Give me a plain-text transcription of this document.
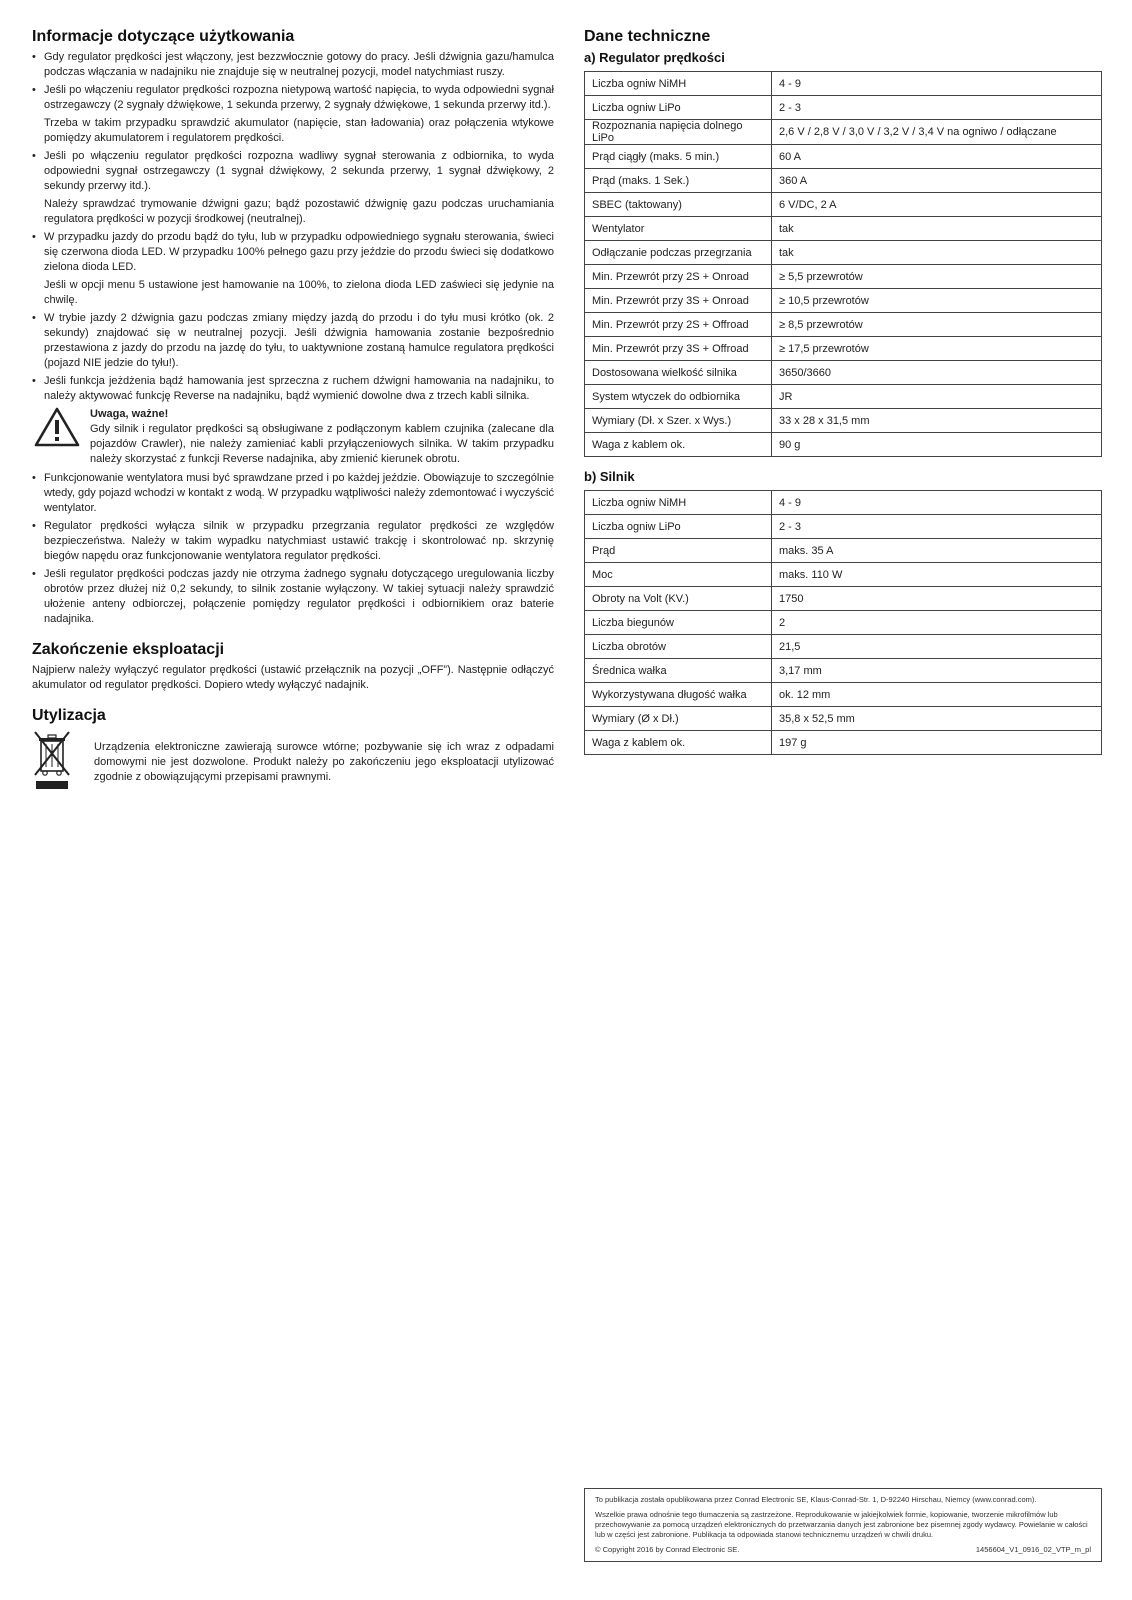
Informacje dotyczące użytkowania

• Gdy regulator prędkości jest włączony, jest bezzwłocznie gotowy do pracy. Jeśli dźwignia gazu/hamulca podczas włączania w nadajniku nie znajduje się w neutralnej pozycji, model natychmiast ruszy.

• Jeśli po włączeniu regulator prędkości rozpozna nietypową wartość napięcia, to wyda odpowiedni sygnał ostrzegawczy (2 sygnały dźwiękowe, 1 sekunda przerwy, 2 sygnały dźwiękowe, 1 sekunda przerwy itd.).

Trzeba w takim przypadku sprawdzić akumulator (napięcie, stan ładowania) oraz połączenia wtykowe pomiędzy akumulatorem i regulatorem prędkości.

• Jeśli po włączeniu regulator prędkości rozpozna wadliwy sygnał sterowania z odbiornika, to wyda odpowiedni sygnał ostrzegawczy (1 sygnał dźwiękowy, 2 sekunda przerwy, 1 sygnał dźwiękowy, 2 sekundy przerwy itd.).

Należy sprawdzać trymowanie dźwigni gazu; bądź pozostawić dźwignię gazu podczas uruchamiania regulatora prędkości w pozycji środkowej (neutralnej).

• W przypadku jazdy do przodu bądź do tyłu, lub w przypadku odpowiedniego sygnału sterowania, świeci się czerwona dioda LED. W przypadku 100% pełnego gazu przy jeździe do przodu świeci się dodatkowo zielona dioda LED.

Jeśli w opcji menu 5 ustawione jest hamowanie na 100%, to zielona dioda LED zaświeci się jedynie na chwilę.

• W trybie jazdy 2 dźwignia gazu podczas zmiany między jazdą do przodu i do tyłu musi krótko (ok. 2 sekundy) znajdować się w neutralnej pozycji. Jeśli dźwignia hamowania zostanie bezpośrednio przestawiona z jazdy do przodu na jazdę do tyłu, to uaktywnione zostaną hamulce regulatora prędkości (pojazd NIE jedzie do tyłu!).

• Jeśli funkcja jeżdżenia bądź hamowania jest sprzeczna z ruchem dźwigni hamowania na nadajniku, to należy aktywować funkcję Reverse na nadajniku, bądź wymienić dowolne dwa z trzech kabli silnika.

Uwaga, ważne!
Gdy silnik i regulator prędkości są obsługiwane z podłączonym kablem czujnika (zalecane dla pojazdów Crawler), nie należy zamieniać kabli przyłączeniowych silnika. W takim przypadku należy skorzystać z funkcji Reverse nadajnika, aby zmienić kierunek obrotu.

• Funkcjonowanie wentylatora musi być sprawdzane przed i po każdej jeździe. Obowiązuje to szczególnie wtedy, gdy pojazd wchodzi w kontakt z wodą. W przypadku wątpliwości należy zdemontować i wyczyścić wentylator.

• Regulator prędkości wyłącza silnik w przypadku przegrzania regulator prędkości ze względów bezpieczeństwa. Należy w takim wypadku natychmiast ustawić trakcję i skontrolować np. skrzynię biegów napędu oraz funkcjonowanie wentylatora regulator prędkości.

• Jeśli regulator prędkości podczas jazdy nie otrzyma żadnego sygnału dotyczącego uregulowania liczby obrotów przez dłużej niż 0,2 sekundy, to silnik zostanie wyłączony. W takiej sytuacji należy sprawdzić ułożenie anteny odbiorczej, połączenie pomiędzy regulator prędkości i odbiornikiem oraz baterie nadajnika.

Zakończenie eksploatacji

Najpierw należy wyłączyć regulator prędkości (ustawić przełącznik na pozycji „OFF”). Następnie odłączyć akumulator od regulator prędkości. Dopiero wtedy wyłączyć nadajnik.

Utylizacja

Urządzenia elektroniczne zawierają surowce wtórne; pozbywanie się ich wraz z odpadami domowymi nie jest dozwolone. Produkt należy po zakończeniu jego eksploatacji utylizować zgodnie z obowiązującymi przepisami prawnymi.

Dane techniczne
a) Regulator prędkości
Liczba ogniw NiMH	4 - 9
Liczba ogniw LiPo	2 - 3
Rozpoznania napięcia dolnego LiPo	2,6 V / 2,8 V / 3,0 V / 3,2 V / 3,4 V na ogniwo / odłączane
Prąd ciągły (maks. 5 min.)	60 A
Prąd (maks. 1 Sek.)	360 A
SBEC (taktowany)	6 V/DC, 2 A
Wentylator	tak
Odłączanie podczas przegrzania	tak
Min. Przewrót przy 2S + Onroad	≥ 5,5 przewrotów
Min. Przewrót przy 3S + Onroad	≥ 10,5 przewrotów
Min. Przewrót przy 2S + Offroad	≥ 8,5 przewrotów
Min. Przewrót przy 3S + Offroad	≥ 17,5 przewrotów
Dostosowana wielkość silnika	3650/3660
System wtyczek do odbiornika	JR
Wymiary (Dł. x Szer. x Wys.)	33 x 28 x 31,5 mm
Waga z kablem ok.	90 g
b) Silnik
Liczba ogniw NiMH	4 - 9
Liczba ogniw LiPo	2 - 3
Prąd	maks. 35 A
Moc	maks. 110 W
Obroty na Volt (KV.)	1750
Liczba biegunów	2
Liczba obrotów	21,5
Średnica wałka	3,17 mm
Wykorzystywana długość wałka	ok. 12 mm
Wymiary (Ø x Dł.)	35,8 x 52,5 mm
Waga z kablem ok.	197 g

To publikacja została opublikowana przez Conrad Electronic SE, Klaus-Conrad-Str. 1, D-92240 Hirschau, Niemcy (www.conrad.com).

Wszelkie prawa odnośnie tego tłumaczenia są zastrzeżone. Reprodukowanie w jakiejkolwiek formie, kopiowanie, tworzenie mikrofilmów lub przechowywanie za pomocą urządzeń elektronicznych do przetwarzania danych jest zabronione bez pisemnej zgody wydawcy. Powielanie w całości lub w części jest zabronione. Publikacja ta odpowiada stanowi technicznemu urządzeń w chwili druku.

© Copyright 2016 by Conrad Electronic SE.	1456604_V1_0916_02_VTP_m_pl
